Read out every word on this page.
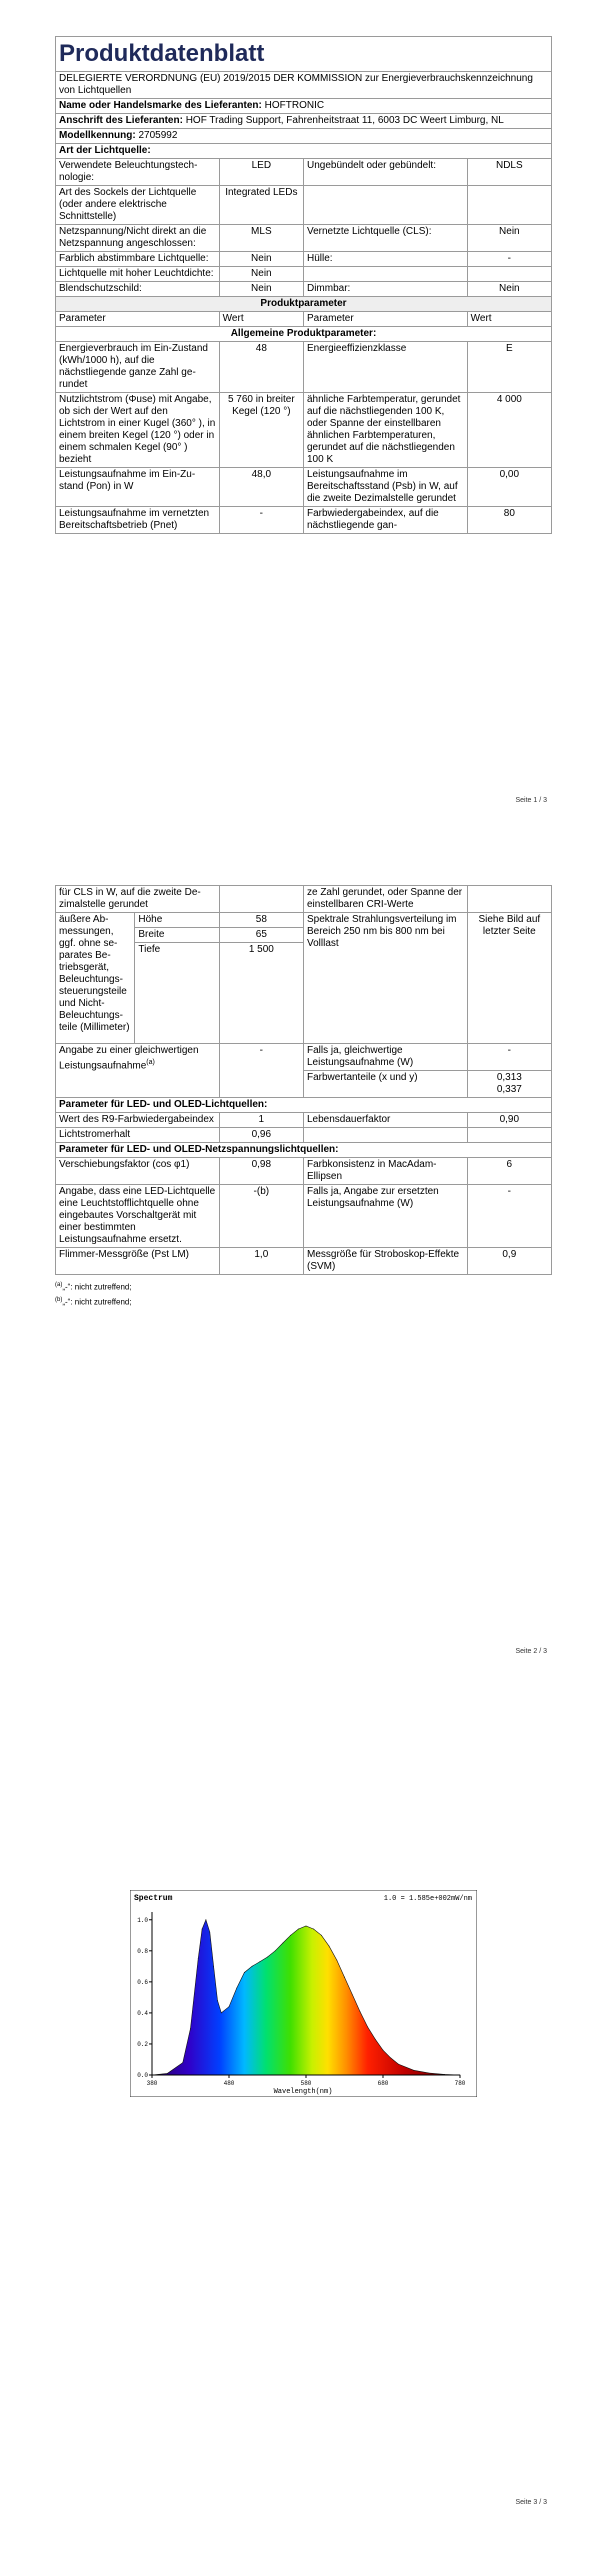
Produktdatenblatt			
DELEGIERTE VERORDNUNG (EU) 2019/2015 DER KOMMISSION zur Energieverbrauchskennzeichnung von Lichtquellen			
Name oder Handelsmarke des Lieferanten: HOFTRONIC			
Anschrift des Lieferanten: HOF Trading Support, Fahrenheitstraat 11, 6003 DC Weert Limburg, NL			
Modellkennung: 2705992			
Art der Lichtquelle:			
Verwendete Beleuchtungstechnologie:	LED	Ungebündelt oder gebündelt:	NDLS
Art des Sockels der Lichtquelle (oder andere elektrische Schnittstelle)	Integrated LEDs		
Netzspannung/Nicht direkt an die Netzspannung angeschlossen:	MLS	Vernetzte Lichtquelle (CLS):	Nein
Farblich abstimmbare Lichtquelle:	Nein	Hülle:	-
Lichtquelle mit hoher Leuchtdichte:	Nein		
Blendschutzschild:	Nein	Dimmbar:	Nein
Produktparameter			
Parameter	Wert	Parameter	Wert
Allgemeine Produktparameter:			
Energieverbrauch im Ein-Zustand (kWh/1000 h), auf die nächstliegende ganze Zahl gerundet	48	Energieeffizienzklasse	E
Nutzlichtstrom (Φuse) mit Angabe, ob sich der Wert auf den Lichtstrom in einer Kugel (360° ), in einem breiten Kegel (120 °) oder in einem schmalen Kegel (90° ) bezieht	5 760 in breiter Kegel (120 °)	ähnliche Farbtemperatur, gerundet auf die nächstliegenden 100 K, oder Spanne der einstellbaren ähnlichen Farbtemperaturen, gerundet auf die nächstliegenden 100 K	4 000
Leistungsaufnahme im Ein-Zustand (Pon) in W	48,0	Leistungsaufnahme im Bereitschaftsstand (Psb) in W, auf die zweite Dezimalstelle gerundet	0,00
Leistungsaufnahme im vernetzten Bereitschaftsbetrieb (Pnet)	-	Farbwiedergabeindex, auf die nächstliegende gan-	80
Seite 1 / 3
für CLS in W, auf die zweite Dezimalstelle gerundet			ze Zahl gerundet, oder Spanne der einstellbaren CRI-Werte	
äußere Abmessungen, ggf. ohne separates Betriebsgerät, Beleuchtungssteuerungsteile und Nicht-Beleuchtungsteile (Millimeter)	Höhe	58	Spektrale Strahlungsverteilung im Bereich 250 nm bis 800 nm bei Volllast	Siehe Bild auf letzter Seite
	Breite	65		
	Tiefe	1 500		
Angabe zu einer gleichwertigen Leistungsaufnahme$^{(a)}$		-	Falls ja, gleichwertige Leistungsaufnahme (W)	-
			Farbwertanteile (x und y)	0,313
0,337

Parameter für LED- und OLED-Lichtquellen:				
Wert des R9-Farbwiedergabeindex		1	Lebensdauerfaktor	0,90
Lichtstromerhalt		0,96		
Parameter für LED- und OLED-Netzspannungslichtquellen:				
Verschiebungsfaktor (cos φ1)		0,98	Farbkonsistenz in MacAdam-Ellipsen	6
Angabe, dass eine LED-Lichtquelle eine Leuchtstofflichtquelle ohne eingebautes Vorschaltgerät mit einer bestimmten Leistungsaufnahme ersetzt.		-(b)	Falls ja, Angabe zur ersetzten Leistungsaufnahme (W)	-
Flimmer-Messgröße (Pst LM)		1,0	Messgröße für Stroboskop-Effekte (SVM)	0,9
$^{(a)}$„-“: nicht zutreffend;
$^{(b)}$„-“: nicht zutreffend;
Seite 2 / 3
Spectrum	1.0 = 1.585e+002mW/nm
0.0
0.2
0.4
0.6
0.8
1.0
380	480	580	680	780
Wavelength(nm)
Seite 3 / 3
